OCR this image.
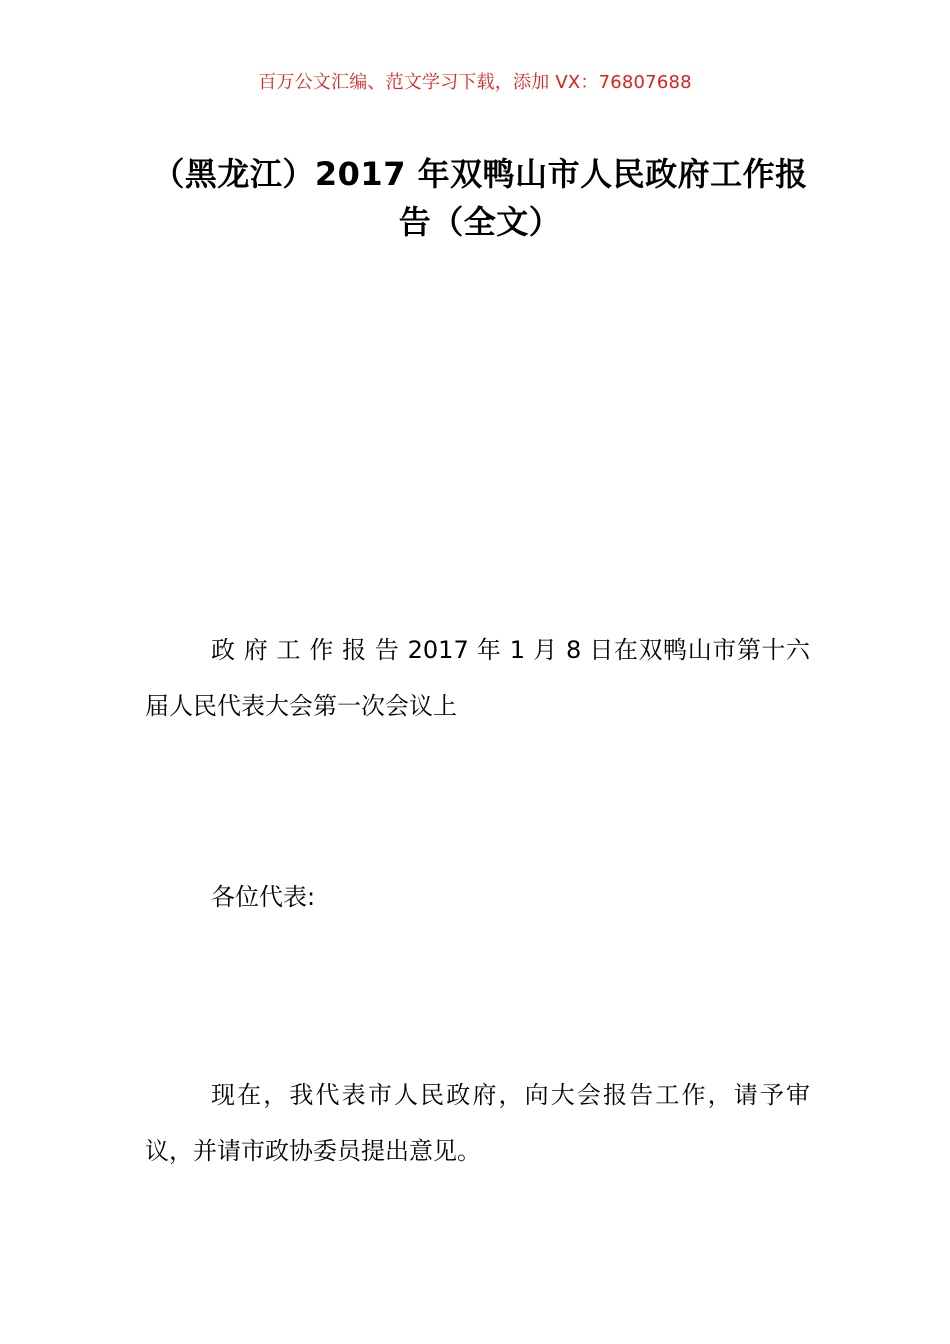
百万公文汇编、范文学习下载，添加 VX：76807688
（黑龙江）2017 年双鸭山市人民政府工作报告（全文）

政 府 工 作 报 告 2017 年 1 月 8 日在双鸭山市第十六届人民代表大会第一次会议上

各位代表:

现在，我代表市人民政府，向大会报告工作，请予审议，并请市政协委员提出意见。
